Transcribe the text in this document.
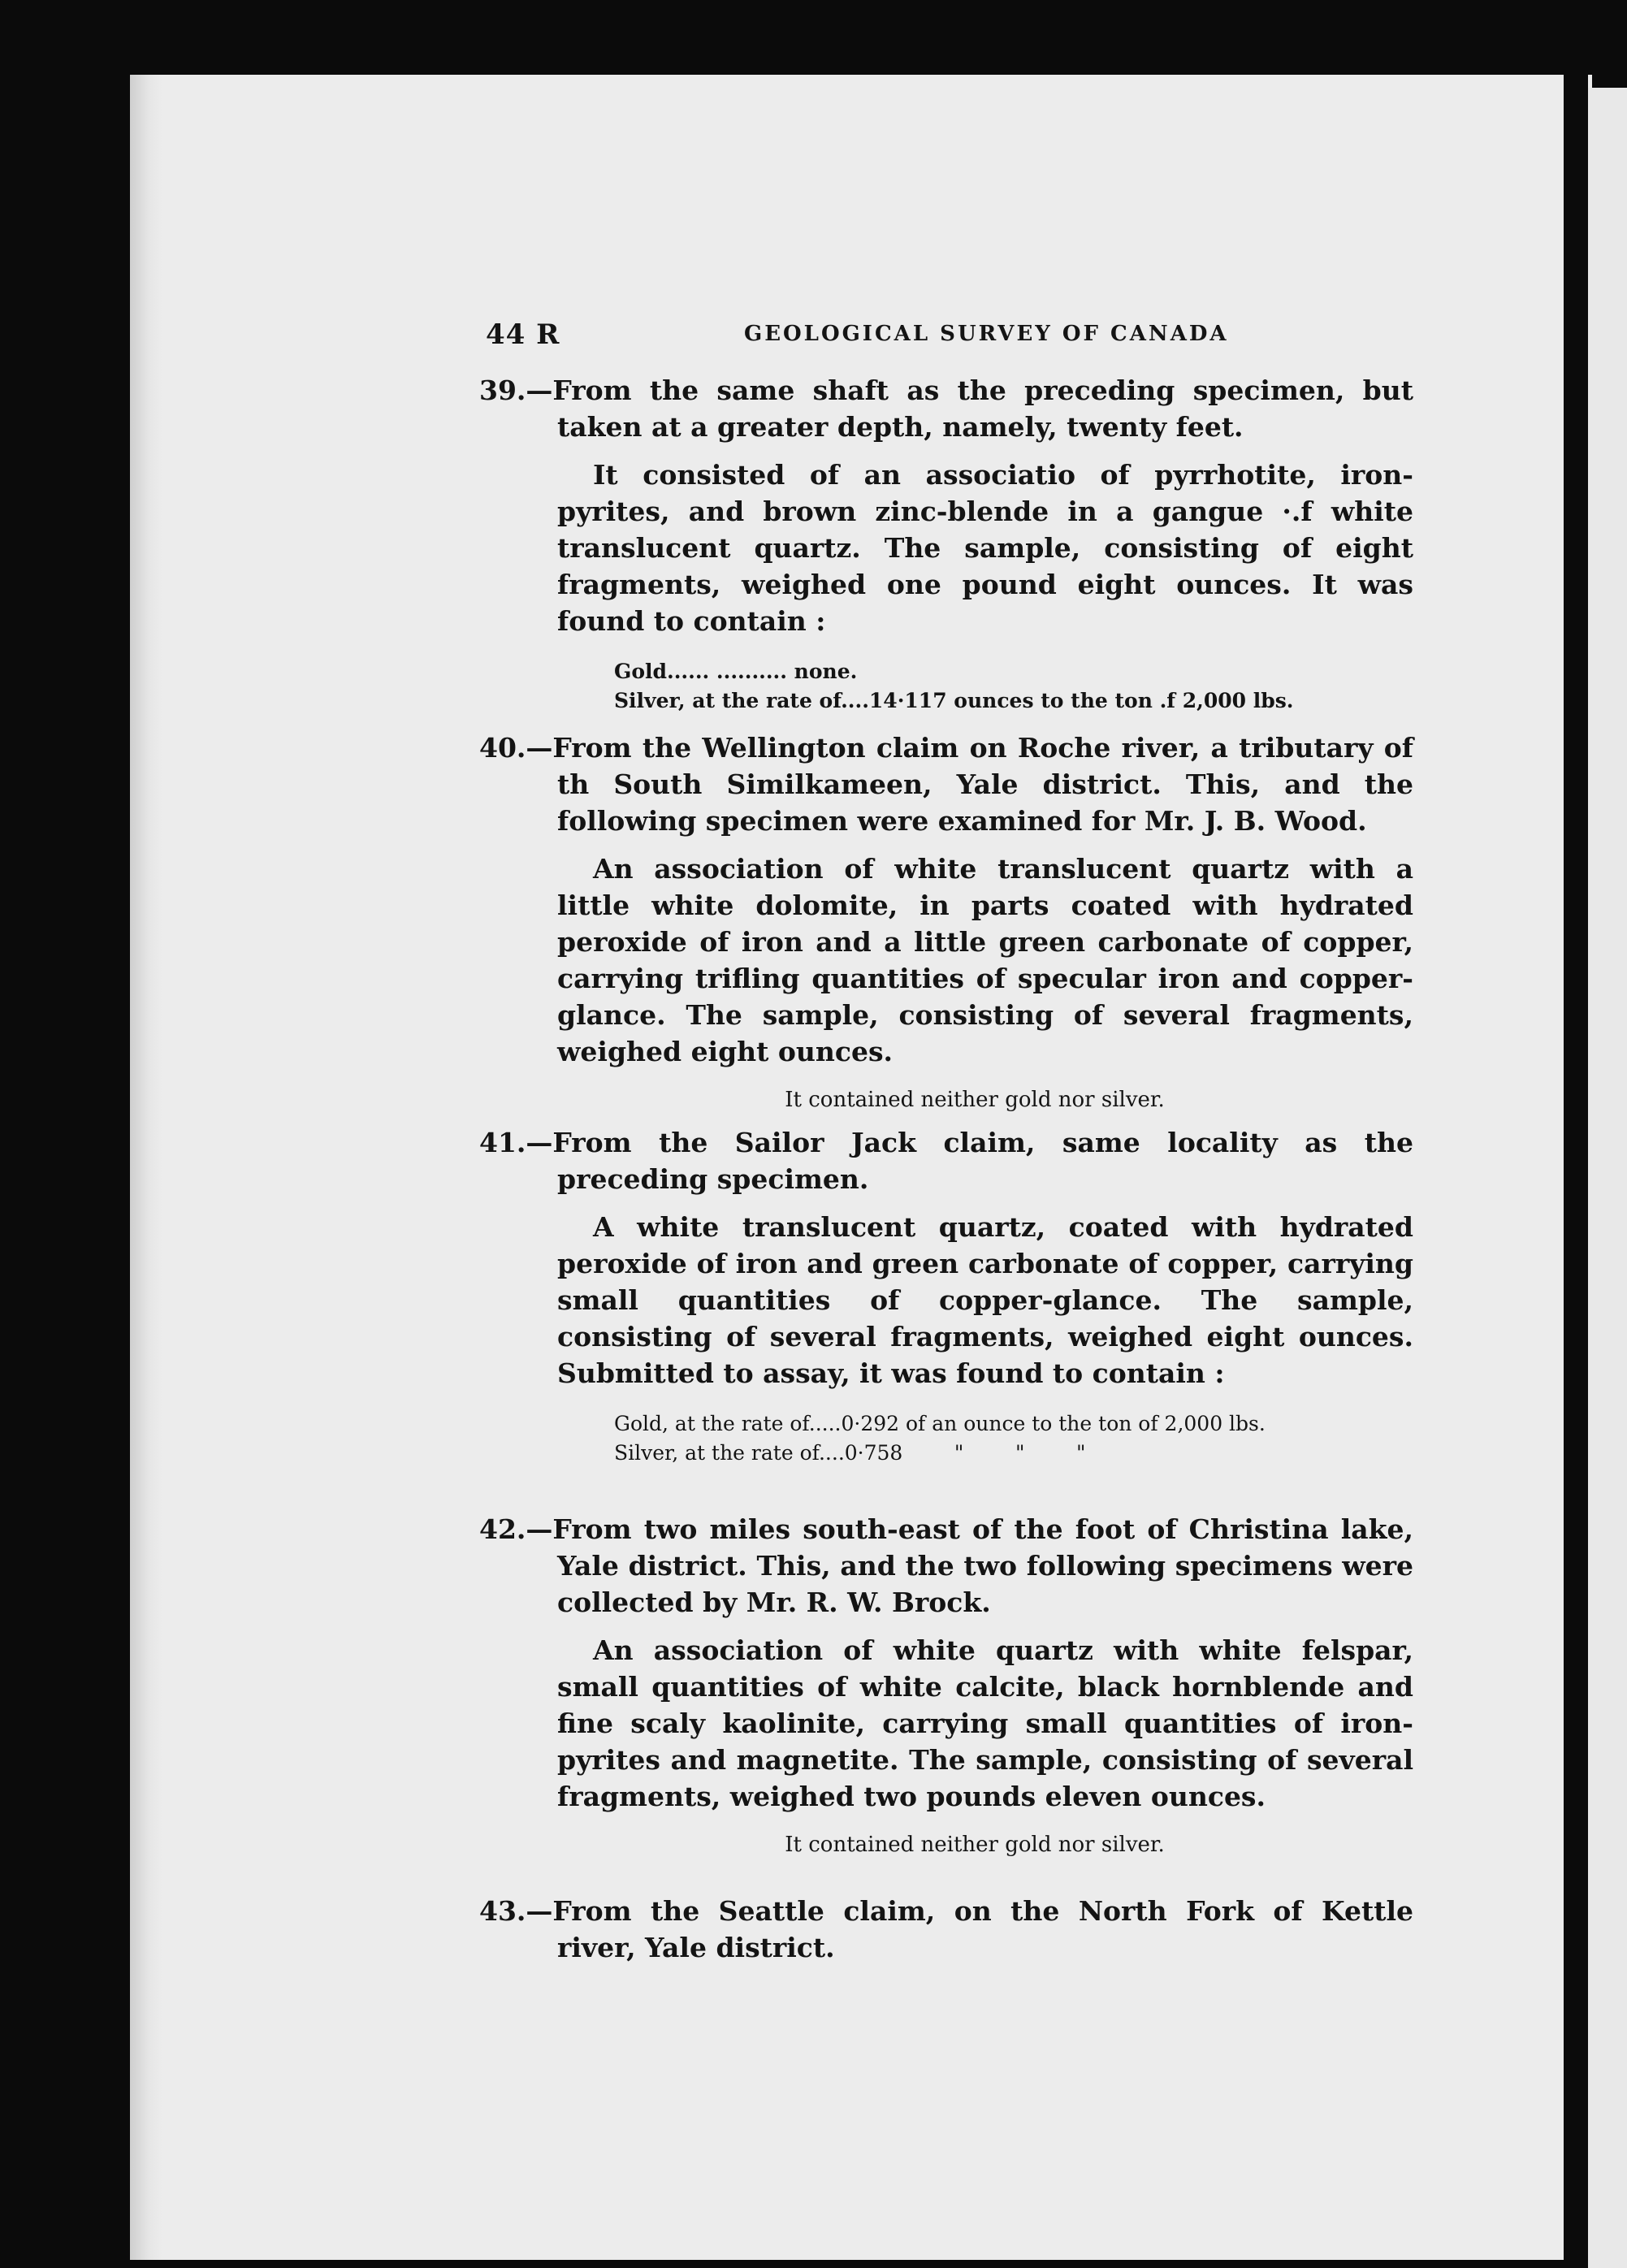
44 R	GEOLOGICAL SURVEY OF CANADA
39.—From the same shaft as the preceding specimen, but taken at a greater depth, namely, twenty feet.
It consisted of an associatio of pyrrhotite, iron-pyrites, and brown zinc-blende in a gangue ·.f white translucent quartz. The sample, consisting of eight fragments, weighed one pound eight ounces. It was found to contain :
Gold...... .......... none.
Silver, at the rate of....14·117 ounces to the ton .f 2,000 lbs.
40.—From the Wellington claim on Roche river, a tributary of th South Similkameen, Yale district. This, and the following specimen were examined for Mr. J. B. Wood.
An association of white translucent quartz with a little white dolomite, in parts coated with hydrated peroxide of iron and a little green carbonate of copper, carrying trifling quantities of specular iron and copper-glance. The sample, consisting of several fragments, weighed eight ounces.
It contained neither gold nor silver.
41.—From the Sailor Jack claim, same locality as the preceding specimen.
A white translucent quartz, coated with hydrated peroxide of iron and green carbonate of copper, carrying small quantities of copper-glance. The sample, consisting of several fragments, weighed eight ounces. Submitted to assay, it was found to contain :
Gold, at the rate of.....0·292 of an ounce to the ton of 2,000 lbs.
Silver, at the rate of....0·758        "        "        "
42.—From two miles south-east of the foot of Christina lake, Yale district. This, and the two following specimens were collected by Mr. R. W. Brock.
An association of white quartz with white felspar, small quantities of white calcite, black hornblende and fine scaly kaolinite, carrying small quantities of iron-pyrites and magnetite. The sample, consisting of several fragments, weighed two pounds eleven ounces.
It contained neither gold nor silver.
43.—From the Seattle claim, on the North Fork of Kettle river, Yale district.
